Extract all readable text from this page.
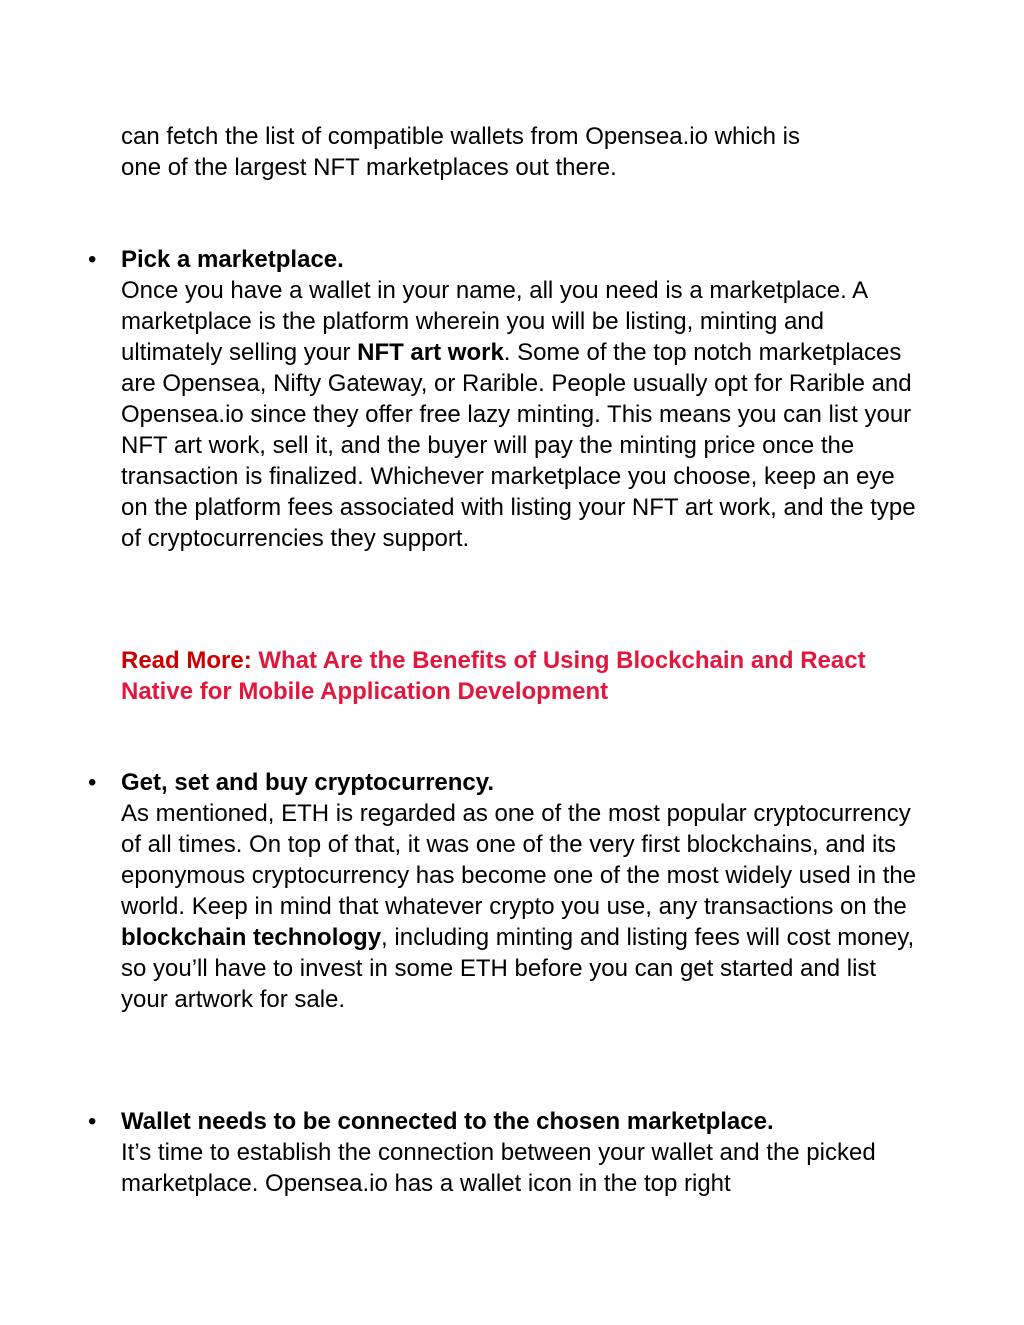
can fetch the list of compatible wallets from Opensea.io which is
one of the largest NFT marketplaces out there.
• Pick a marketplace.
Once you have a wallet in your name, all you need is a marketplace. A marketplace is the platform wherein you will be listing, minting and ultimately selling your NFT art work. Some of the top notch marketplaces are Opensea, Nifty Gateway, or Rarible. People usually opt for Rarible and Opensea.io since they offer free lazy minting. This means you can list your NFT art work, sell it, and the buyer will pay the minting price once the transaction is finalized. Whichever marketplace you choose, keep an eye on the platform fees associated with listing your NFT art work, and the type of cryptocurrencies they support.
Read More: What Are the Benefits of Using Blockchain and React Native for Mobile Application Development
• Get, set and buy cryptocurrency.
As mentioned, ETH is regarded as one of the most popular cryptocurrency of all times. On top of that, it was one of the very first blockchains, and its eponymous cryptocurrency has become one of the most widely used in the world. Keep in mind that whatever crypto you use, any transactions on the blockchain technology, including minting and listing fees will cost money, so you’ll have to invest in some ETH before you can get started and list your artwork for sale.
• Wallet needs to be connected to the chosen marketplace.
It’s time to establish the connection between your wallet and the picked marketplace. Opensea.io has a wallet icon in the top right
